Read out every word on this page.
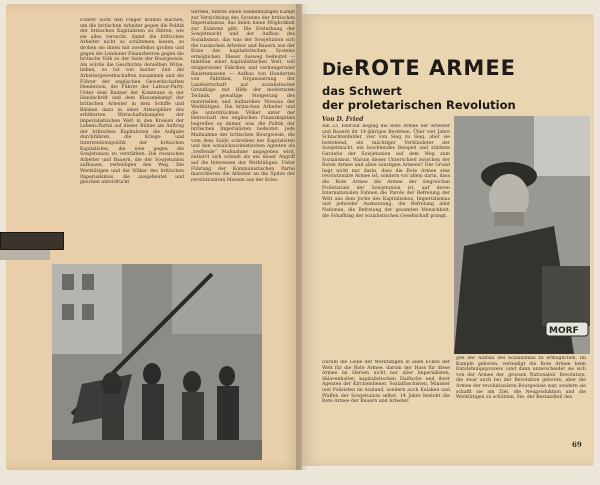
Führer nicht den Finger krumm machen, um die britischen Arbeiter gegen die Politik der britischen Kapitalisten zu führen, wie sie alles versucht, damit die britischen Arbeiter nicht so schlimmen lassen, so drohen sie ihnen mit zweifellos großen und gegen die Londoner Finanzherren gegen die britische Volk zu der Seite der Bourgeoisie. Als würde die Geschichte derselben Witze, lieben, so tat von kurzer Zeit die Arbeitergewerkschaften zusammen und die Führer der englischen Gewerkschaften Henderson, die Führer der Labour-Party. Unter dem Banner der Kommune in der Handschrift und dem Klassenkampf der britischen Arbeiter in dem Schiffe und Bänken dazu in einer Atmosphäre des erbitterten Wirtschaftskampfes der imperialistischen Welt in den Kreisen der Lebens-Partei auf dieser Bühne am Auftrag der britischen Kapitalisten die Aufgabe durchführen, die Kriegs- und Interventionspolitik der britischen Kapitalisten, die eine gegen die Sowjetunion zu verstärken. Die russischen Arbeiter und Bauern, die der Sowjetunion aufbauen, verteidigen den Weg. Die Werktätigen und die Völker des britischen Imperialismus, die ausgebeutet und gleichen unterdrückt
werden, führen einen heldenmütigen Kampf zur Vernichtung des Systems der britischen Imperialismus, das ihnen keine Möglichkeit zur Existenz gibt. Die Erstarkung der Sowjetmacht und der Aufbau des Sozialismus, das was der Sowjetunion sich die russischen Arbeiter und Bauern aus der Krise des kapitalistischen Systems ermöglichen. Dieser Ausweg bedeutet — inmitten einer kapitalistischen Welt, voll strigierender Fabriken und verhungernder Bauernmassen — Aufbau von Hunderten von Fabriken, Organisierung der Landwirtschaft auf sozialistischer Grundlage mit Hilfe der modernsten Technik, gewaltige Steigerung des materiellen und kulturellen Niveaus der Werktätigen. Die britischen Arbeiter und die unterdrückten Völker unter der Herrschaft des englischen Finanzkapitals begreifen es immer, was die Politik der britischen Imperialisten bedeutet. Jede Maßnahme der britischen Bourgeoisie, die vom dem Saldo schreiben der Kapitalisten und den sozialchauvinistischen Agenten als „treffende“ Maßnahme angegeben wird, entlarvt sich schnell als ein neuer Angriff auf die Interessen der Werktätigen. Unter Führung der Kommunistischen Partei marschieren die Arbeiter an die Spitze der revolutionären Massen aus der Krise.
Die ROTE ARMEE
das Schwert
der proletarischen Revolution
Von D. Fried
Am 23. Februar beging die Rote Armee der Arbeiter und Bauern ihr 14-jähriges Bestehen. Über vier Jahre Schlachtenfelder, vier von Sieg zu Sieg, aber sie bestehend, ein mächtiger Verbündeter der Sowjetmacht, ein leuchtendes Beispiel und stärkste Garantie der Sowjetunion auf dem Weg zum Sozialismus. Warum dieser Unterschied zwischen der Roten Armee und allen sonstigen Armeen? Der Grund liegt nicht nur darin, dass die Rote Armee eine revolutionäre Armee ist, sondern vor allem darin, dass die Rote Armee die Armee der siegreichen Proletariats der Sowjetunion ist, auf deren Internationalen Fahnen die Parole der Befreiung der Welt aus dem Joche des Kapitalismus, Imperialismus und jedweder Ausbeutung, die Befreiung aller Nationen, die Befreiung der gesamten Menschheit, die Schaffung der sozialistischen Gesellschaft prangt.
Darum die Liebe der Werktätigen in allen Ecken der Welt für die Rote Armee, darum der Hass für diese Armee im Herzen nicht nur aller Imperialisten, Sklavenhalter, kapitalistischen Haifische und ihrer Agenten der Kirchendiener, Sozialfaschisten, Minister und Polizisten im Ausland, sondern auch Kulaken und Pfaffen der Sowjetunion selbst. 14 Jahre besteht die Rote Armee der Bauern und Arbeiter.
gen der Aufbau des Sozialismus zu ermöglichen. Im Kampfe geboren, verteidigt die Rote Armee beim Entstehungsprozess (und dann unterscheidet sie sich von der Armee der ‚grossen Nationalen‘ Revolution, die zwar auch bei der Revolution geboren, aber die Armee der revolutionären Bourgeoisie war, sondern sie schafft sie am Ziel, die Neuproduktion und die Werktätigen zu schützen. Sie, der Bestandteil des
MORF
69
